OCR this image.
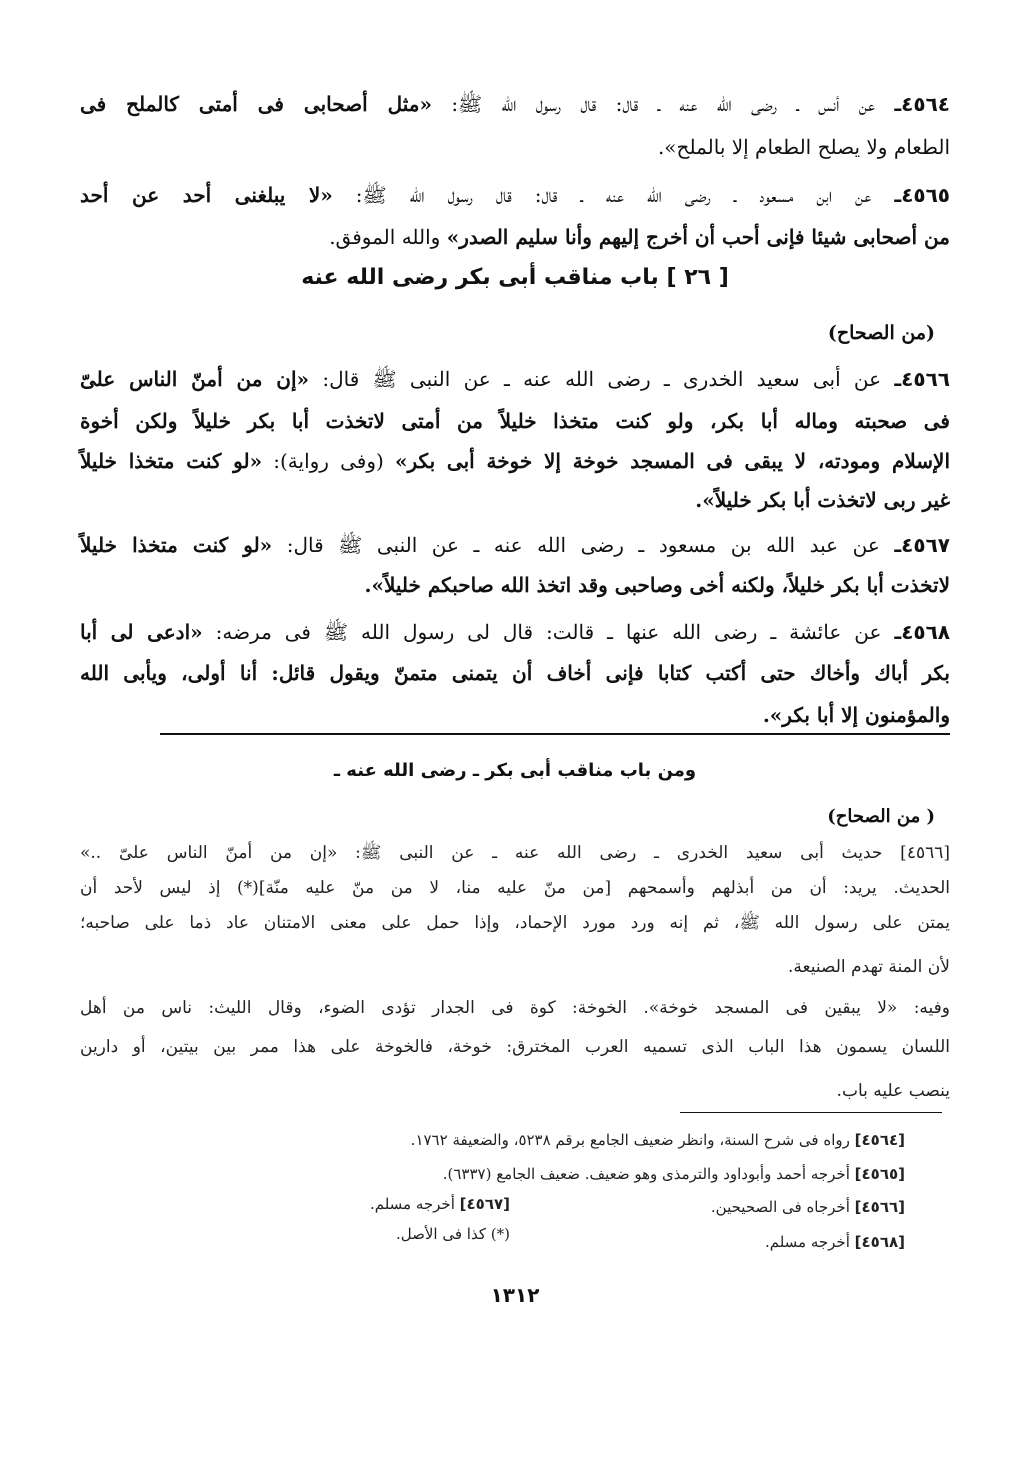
٤٥٦٤ـ عن أنس ـ رضى الله عنه ـ قال: قال رسول الله ﷺ: «مثل أصحابى فى أمتى كالملح فى
الطعام ولا يصلح الطعام إلا بالملح».
٤٥٦٥ـ عن ابن مسعود ـ رضى الله عنه ـ قال: قال رسول الله ﷺ: «لا يبلغنى أحد عن أحد
من أصحابى شيئا فإنى أحب أن أخرج إليهم وأنا سليم الصدر» والله الموفق.
[ ٢٦ ] باب مناقب أبى بكر رضى الله عنه
(من الصحاح)
٤٥٦٦ـ عن أبى سعيد الخدرى ـ رضى الله عنه ـ عن النبى ﷺ قال: «إن من أمنّ الناس علىّ
فى صحبته وماله أبا بكر، ولو كنت متخذا خليلاً من أمتى لاتخذت أبا بكر خليلاً ولكن أخوة
الإسلام ومودته، لا يبقى فى المسجد خوخة إلا خوخة أبى بكر» (وفى رواية): «لو كنت متخذا خليلاً
غير ربى لاتخذت أبا بكر خليلاً».
٤٥٦٧ـ عن عبد الله بن مسعود ـ رضى الله عنه ـ عن النبى ﷺ قال: «لو كنت متخذا خليلاً
لاتخذت أبا بكر خليلاً، ولكنه أخى وصاحبى وقد اتخذ الله صاحبكم خليلاً».
٤٥٦٨ـ عن عائشة ـ رضى الله عنها ـ قالت: قال لى رسول الله ﷺ فى مرضه: «ادعى لى أبا
بكر أباك وأخاك حتى أكتب كتابا فإنى أخاف أن يتمنى متمنّ ويقول قائل: أنا أولى، ويأبى الله
والمؤمنون إلا أبا بكر».
ومن باب مناقب أبى بكر ـ رضى الله عنه ـ
( من الصحاح)
[٤٥٦٦] حديث أبى سعيد الخدرى ـ رضى الله عنه ـ عن النبى ﷺ: «إن من أمنّ الناس علىّ ..»
الحديث. يريد: أن من أبذلهم وأسمحهم [من منّ عليه منا، لا من منّ عليه منّة](*) إذ ليس لأحد أن
يمتن على رسول الله ﷺ، ثم إنه ورد مورد الإحماد، وإذا حمل على معنى الامتنان عاد ذما على صاحبه؛
لأن المنة تهدم الصنيعة.
وفيه: «لا يبقين فى المسجد خوخة». الخوخة: كوة فى الجدار تؤدى الضوء، وقال الليث: ناس من أهل
اللسان يسمون هذا الباب الذى تسميه العرب المخترق: خوخة، فالخوخة على هذا ممر بين بيتين، أو دارين
ينصب عليه باب.
[٤٥٦٤] رواه فى شرح السنة، وانظر ضعيف الجامع برقم ٥٢٣٨، والضعيفة ١٧٦٢.
[٤٥٦٥] أخرجه أحمد وأبوداود والترمذى وهو ضعيف. ضعيف الجامع (٦٣٣٧).
[٤٥٦٦] أخرجاه فى الصحيحين.
[٤٥٦٧] أخرجه مسلم.
[٤٥٦٨] أخرجه مسلم.
(*) كذا فى الأصل.
١٣١٢
